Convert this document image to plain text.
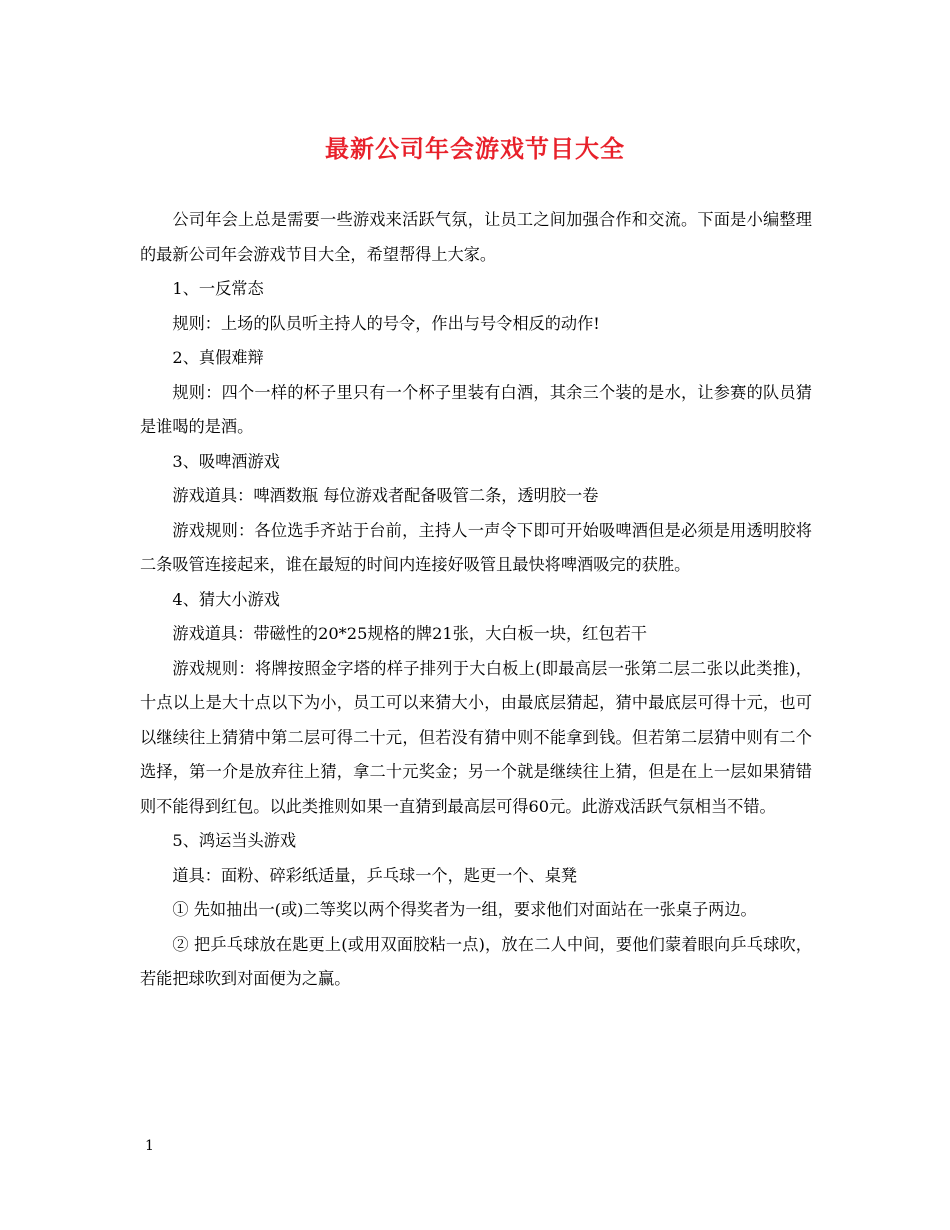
最新公司年会游戏节目大全

公司年会上总是需要一些游戏来活跃气氛，让员工之间加强合作和交流。下面是小编整理的最新公司年会游戏节目大全，希望帮得上大家。

1、一反常态

规则：上场的队员听主持人的号令，作出与号令相反的动作!

2、真假难辩

规则：四个一样的杯子里只有一个杯子里装有白酒，其余三个装的是水，让参赛的队员猜是谁喝的是酒。

3、吸啤酒游戏

游戏道具：啤酒数瓶 每位游戏者配备吸管二条，透明胶一卷

游戏规则：各位选手齐站于台前，主持人一声令下即可开始吸啤酒但是必须是用透明胶将二条吸管连接起来，谁在最短的时间内连接好吸管且最快将啤酒吸完的获胜。

4、猜大小游戏

游戏道具：带磁性的20*25规格的牌21张，大白板一块，红包若干

游戏规则：将牌按照金字塔的样子排列于大白板上(即最高层一张第二层二张以此类推)，十点以上是大十点以下为小，员工可以来猜大小，由最底层猜起，猜中最底层可得十元，也可以继续往上猜猜中第二层可得二十元，但若没有猜中则不能拿到钱。但若第二层猜中则有二个选择，第一介是放弃往上猜，拿二十元奖金；另一个就是继续往上猜，但是在上一层如果猜错则不能得到红包。以此类推则如果一直猜到最高层可得60元。此游戏活跃气氛相当不错。

5、鸿运当头游戏

道具：面粉、碎彩纸适量，乒乓球一个，匙更一个、桌凳

① 先如抽出一(或)二等奖以两个得奖者为一组，要求他们对面站在一张桌子两边。

② 把乒乓球放在匙更上(或用双面胶粘一点)，放在二人中间，要他们蒙着眼向乒乓球吹，若能把球吹到对面便为之赢。

1
